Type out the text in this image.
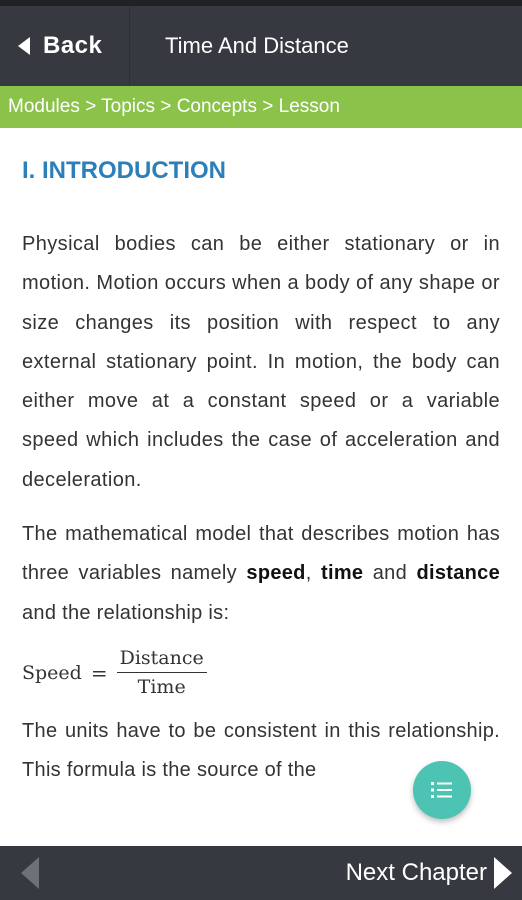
Back	Time And Distance
Modules > Topics > Concepts > Lesson
I. INTRODUCTION

Physical bodies can be either stationary or in motion. Motion occurs when a body of any shape or size changes its position with respect to any external stationary point. In motion, the body can either move at a constant speed or a variable speed which includes the case of acceleration and deceleration.

The mathematical model that describes motion has three variables namely speed, time and distance and the relationship is:

Speed = $\frac{\text{Distance}}{\text{Time}}$

The units have to be consistent in this relationship. This formula is the source of the

Next Chapter
